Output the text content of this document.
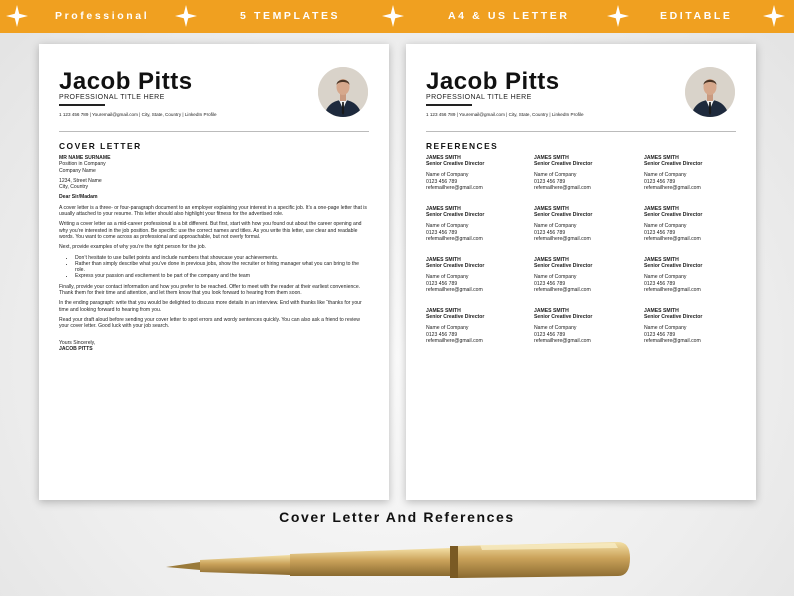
Professional	5 TEMPLATES	A4 & US LETTER	EDITABLE
Jacob Pitts
PROFESSIONAL TITLE HERE
1 123 456 789 | Youremail@gmail.com | City, State, Country | LinkedIn Profile
COVER LETTER

MR NAME SURNAME

Position in Company

Company Name

1234, Street Name

City, Country

Dear Sir/Madam

A cover letter is a three- or four-paragraph document to an employer explaining your interest in a specific job. It’s a one-page letter that is usually attached to your resume. This letter should also highlight your fitness for the advertised role.

Writing a cover letter as a mid-career professional is a bit different. But first, start with how you found out about the career opening and why you’re interested in the job position. Be specific: use the correct names and titles. As you write this letter, use clear and readable words. You want to come across as professional and approachable, but not overly formal.

Next, provide examples of why you’re the right person for the job.

• Don’t hesitate to use bullet points and include numbers that showcase your achievements.
• Rather than simply describe what you’ve done in previous jobs, show the recruiter or hiring manager what you can bring to the role.
• Express your passion and excitement to be part of the company and the team

Finally, provide your contact information and how you prefer to be reached. Offer to meet with the reader at their earliest convenience. Thank them for their time and attention, and let them know that you look forward to hearing from them soon.

In the ending paragraph: write that you would be delighted to discuss more details in an interview. End with thanks like “thanks for your time and looking forward to hearing from you.

Read your draft aloud before sending your cover letter to spot errors and wordy sentences quickly. You can also ask a friend to review your cover letter. Good luck with your job search.

Yours Sincerely,

JACOB PITTS

Jacob Pitts
PROFESSIONAL TITLE HERE
1 123 456 789 | Youremail@gmail.com | City, State, Country | LinkedIn Profile
REFERENCES
JAMES SMITH
Senior Creative Director
Name of Company
0123 456 789
refemailhere@gmail.com
JAMES SMITH
Senior Creative Director
Name of Company
0123 456 789
refemailhere@gmail.com
JAMES SMITH
Senior Creative Director
Name of Company
0123 456 789
refemailhere@gmail.com
JAMES SMITH
Senior Creative Director
Name of Company
0123 456 789
refemailhere@gmail.com
JAMES SMITH
Senior Creative Director
Name of Company
0123 456 789
refemailhere@gmail.com
JAMES SMITH
Senior Creative Director
Name of Company
0123 456 789
refemailhere@gmail.com
JAMES SMITH
Senior Creative Director
Name of Company
0123 456 789
refemailhere@gmail.com
JAMES SMITH
Senior Creative Director
Name of Company
0123 456 789
refemailhere@gmail.com
JAMES SMITH
Senior Creative Director
Name of Company
0123 456 789
refemailhere@gmail.com
JAMES SMITH
Senior Creative Director
Name of Company
0123 456 789
refemailhere@gmail.com
JAMES SMITH
Senior Creative Director
Name of Company
0123 456 789
refemailhere@gmail.com
JAMES SMITH
Senior Creative Director
Name of Company
0123 456 789
refemailhere@gmail.com
Cover Letter And References
